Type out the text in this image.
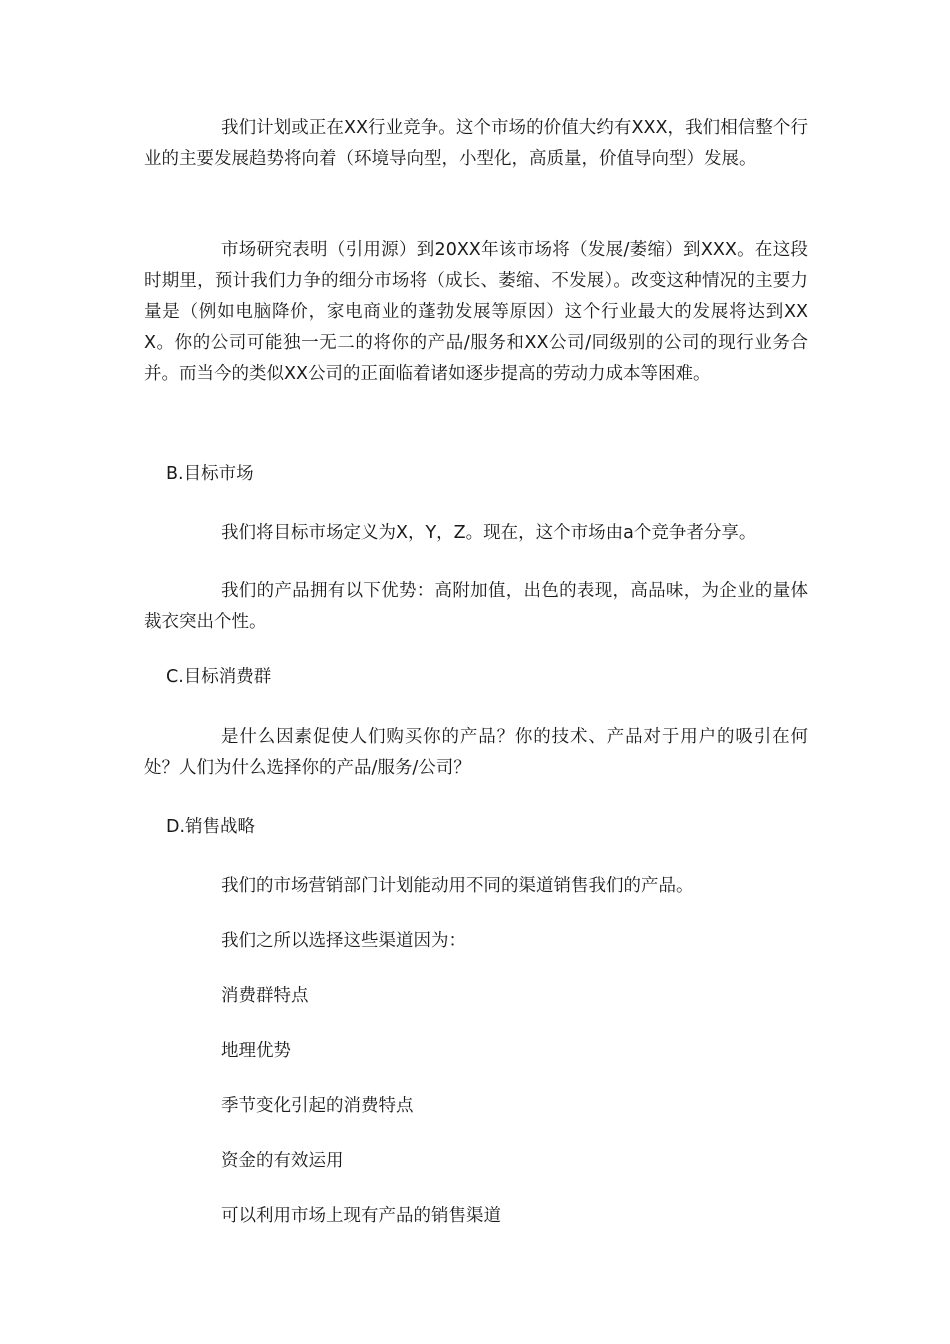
我们计划或正在XX行业竞争。这个市场的价值大约有XXX，我们相信整个行业的主要发展趋势将向着（环境导向型，小型化，高质量，价值导向型）发展。

市场研究表明（引用源）到20XX年该市场将（发展/萎缩）到XXX。在这段时期里，预计我们力争的细分市场将（成长、萎缩、不发展）。改变这种情况的主要力量是（例如电脑降价，家电商业的蓬勃发展等原因）这个行业最大的发展将达到XXX。你的公司可能独一无二的将你的产品/服务和XX公司/同级别的公司的现行业务合并。而当今的类似XX公司的正面临着诸如逐步提高的劳动力成本等困难。

B.目标市场

我们将目标市场定义为X，Y，Z。现在，这个市场由a个竞争者分享。

我们的产品拥有以下优势：高附加值，出色的表现，高品味，为企业的量体裁衣突出个性。

C.目标消费群

是什么因素促使人们购买你的产品？你的技术、产品对于用户的吸引在何处？人们为什么选择你的产品/服务/公司？

D.销售战略

我们的市场营销部门计划能动用不同的渠道销售我们的产品。

我们之所以选择这些渠道因为：

消费群特点

地理优势

季节变化引起的消费特点

资金的有效运用

可以利用市场上现有产品的销售渠道
